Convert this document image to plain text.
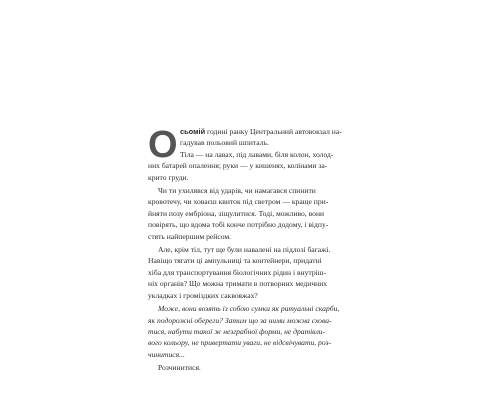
О сьомій годині ранку Центральний автовокзал на-
гадував польовий шпиталь.
Тіла — на лавах, під лавами, біля колон, холод-
них батарей опалення; руки — у кишенях, колінами за-
крито груди.
Чи ти ухилявся від ударів, чи намагався спинити
кровотечу, чи ховаєш квиток під светром — краще при-
йняти позу ембріона, зіщулитися. Тоді, можливо, вони
повірять, що вдома тобі конче потрібно додому, і відпу-
стять найпершим рейсом.
Але, крім тіл, тут ще були навалені на підлозі багажі.
Навіщо тягати ці ампульниці та контейнери, придатні
хіба для транспортування біологічних рідин і внутріш-
ніх органів? Що можна тримати в потворних медичних
укладках і громіздких саквояжах?
Може, вони возять із собою сумки як ритуальні скарби,
як подорожні обереги? Затим що за ними можна схова-
тися, набути такої ж незграбної форми, не дратівли-
вого кольору, не привертати уваги, не відсвічувати, роз-
чинитися...
Розчинитися.
